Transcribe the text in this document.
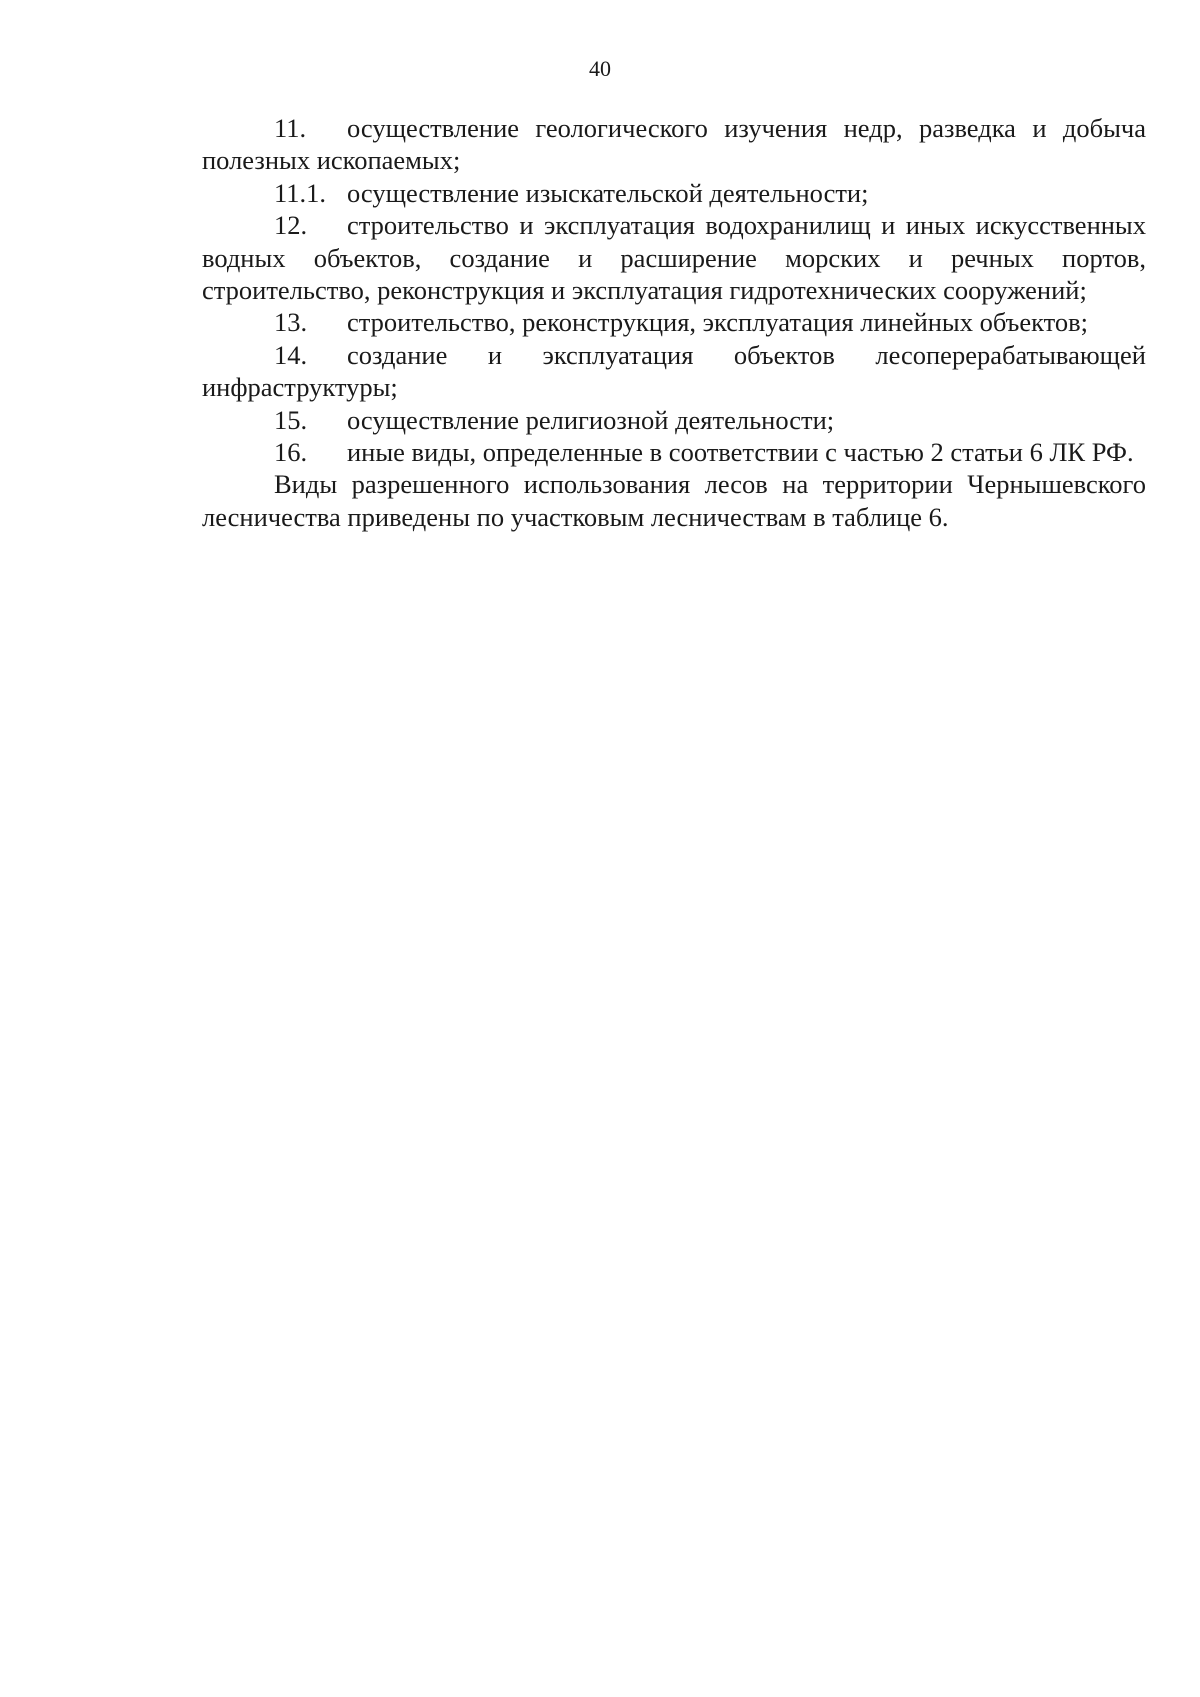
40

11. осуществление геологического изучения недр, разведка и добыча полезных ископаемых;

11.1. осуществление изыскательской деятельности;

12. строительство и эксплуатация водохранилищ и иных искусственных водных объектов, создание и расширение морских и речных портов, строительство, реконструкция и эксплуатация гидротехнических сооружений;

13. строительство, реконструкция, эксплуатация линейных объектов;

14. создание и эксплуатация объектов лесоперерабатывающей инфраструктуры;

15. осуществление религиозной деятельности;

16. иные виды, определенные в соответствии с частью 2 статьи 6 ЛК РФ.

Виды разрешенного использования лесов на территории Чернышевского лесничества приведены по участковым лесничествам в таблице 6.
